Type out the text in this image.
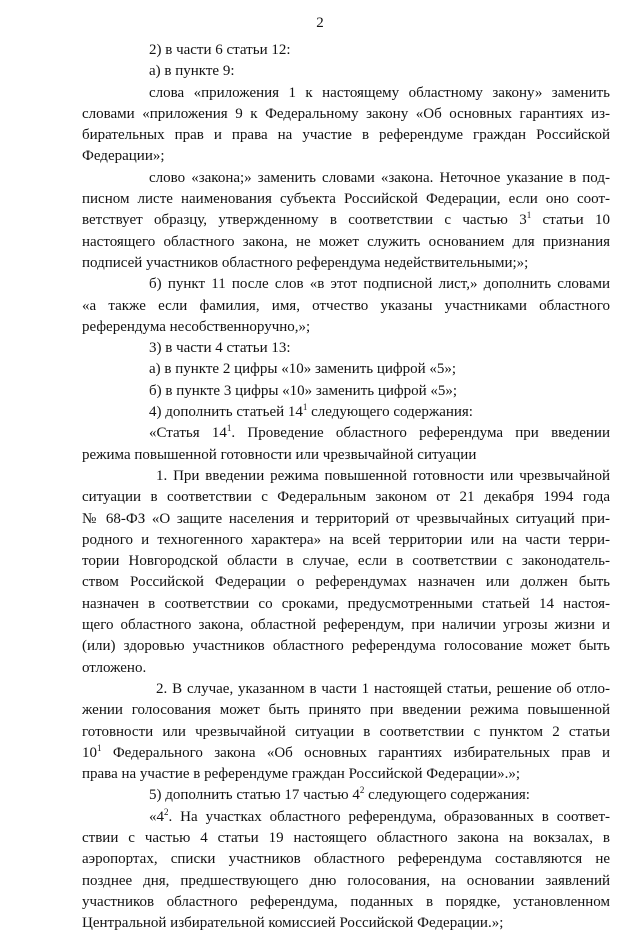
2
2) в части 6 статьи 12:
а) в пункте 9:
слова «приложения 1 к настоящему областному закону» заменить
словами «приложения 9 к Федеральному закону «Об основных гарантиях из-
бирательных прав и права на участие в референдуме граждан Российской
Федерации»;
слово «закона;» заменить словами «закона. Неточное указание в под-
писном листе наименования субъекта Российской Федерации, если оно соот-
ветствует образцу, утвержденному в соответствии с частью $3^1$ статьи 10
настоящего областного закона, не может служить основанием для признания
подписей участников областного референдума недействительными;»;
б) пункт 11 после слов «в этот подписной лист,» дополнить словами
«а также если фамилия, имя, отчество указаны участниками областного
референдума несобственноручно,»;
3) в части 4 статьи 13:
а) в пункте 2 цифры «10» заменить цифрой «5»;
б) в пункте 3 цифры «10» заменить цифрой «5»;
4) дополнить статьей $14^1$ следующего содержания:
«Статья $14^1$. Проведение областного референдума при введении
режима повышенной готовности или чрезвычайной ситуации
1. При введении режима повышенной готовности или чрезвычайной
ситуации в соответствии с Федеральным законом от 21 декабря 1994 года
№ 68-ФЗ «О защите населения и территорий от чрезвычайных ситуаций при-
родного и техногенного характера» на всей территории или на части терри-
тории Новгородской области в случае, если в соответствии с законодатель-
ством Российской Федерации о референдумах назначен или должен быть
назначен в соответствии со сроками, предусмотренными статьей 14 настоя-
щего областного закона, областной референдум, при наличии угрозы жизни и
(или) здоровью участников областного референдума голосование может быть
отложено.
2. В случае, указанном в части 1 настоящей статьи, решение об отло-
жении голосования может быть принято при введении режима повышенной
готовности или чрезвычайной ситуации в соответствии с пунктом 2 статьи
$10^1$ Федерального закона «Об основных гарантиях избирательных прав и
права на участие в референдуме граждан Российской Федерации».»;
5) дополнить статью 17 частью $4^2$ следующего содержания:
«$4^2$. На участках областного референдума, образованных в соответ-
ствии с частью 4 статьи 19 настоящего областного закона на вокзалах, в
аэропортах, списки участников областного референдума составляются не
позднее дня, предшествующего дню голосования, на основании заявлений
участников областного референдума, поданных в порядке, установленном
Центральной избирательной комиссией Российской Федерации.»;
